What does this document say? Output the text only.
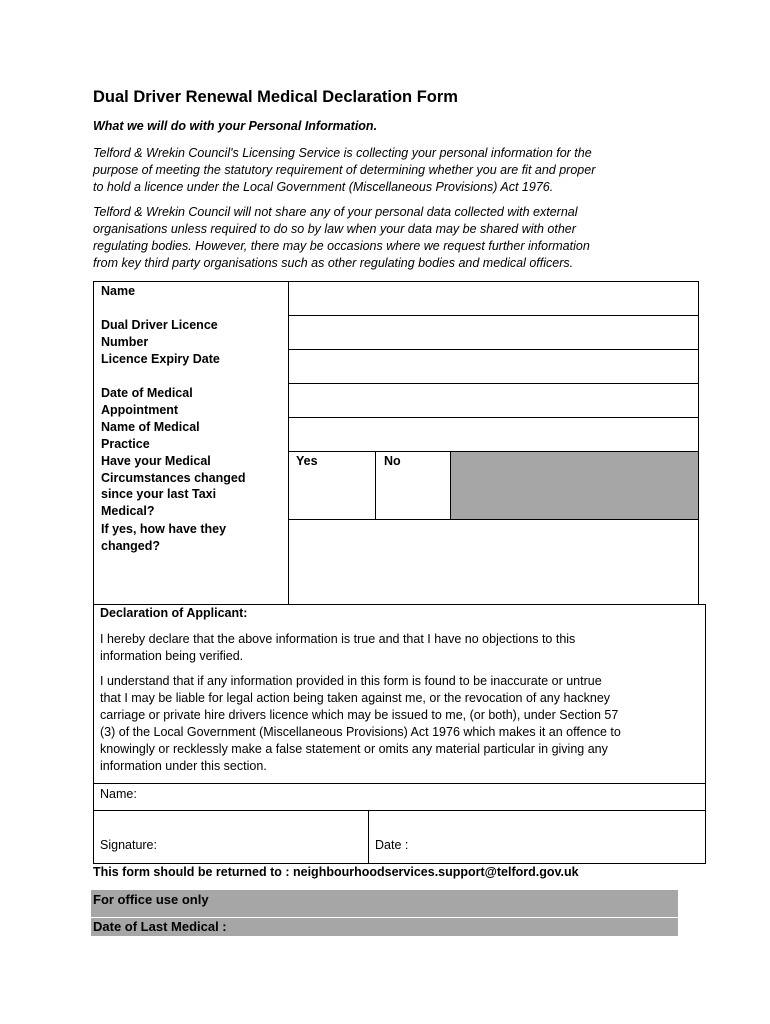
Dual Driver Renewal Medical Declaration Form
What we will do with your Personal Information.
Telford & Wrekin Council's Licensing Service is collecting your personal information for the
purpose of meeting the statutory requirement of determining whether you are fit and proper
to hold a licence under the Local Government (Miscellaneous Provisions) Act 1976.
Telford & Wrekin Council will not share any of your personal data collected with external
organisations unless required to do so by law when your data may be shared with other
regulating bodies. However, there may be occasions where we request further information
from key third party organisations such as other regulating bodies and medical officers.
Name
Dual Driver Licence
Number
Licence Expiry Date
Date of Medical
Appointment
Name of Medical
Practice
Have your Medical
Circumstances changed
since your last Taxi
Medical?
Yes	No
If yes, how have they
changed?
Declaration of Applicant:
I hereby declare that the above information is true and that I have no objections to this
information being verified.
I understand that if any information provided in this form is found to be inaccurate or untrue
that I may be liable for legal action being taken against me, or the revocation of any hackney
carriage or private hire drivers licence which may be issued to me, (or both), under Section 57
(3) of the Local Government (Miscellaneous Provisions) Act 1976 which makes it an offence to
knowingly or recklessly make a false statement or omits any material particular in giving any
information under this section.
Name:
Signature:	Date :
This form should be returned to : neighbourhoodservices.support@telford.gov.uk
For office use only
Date of Last Medical :
